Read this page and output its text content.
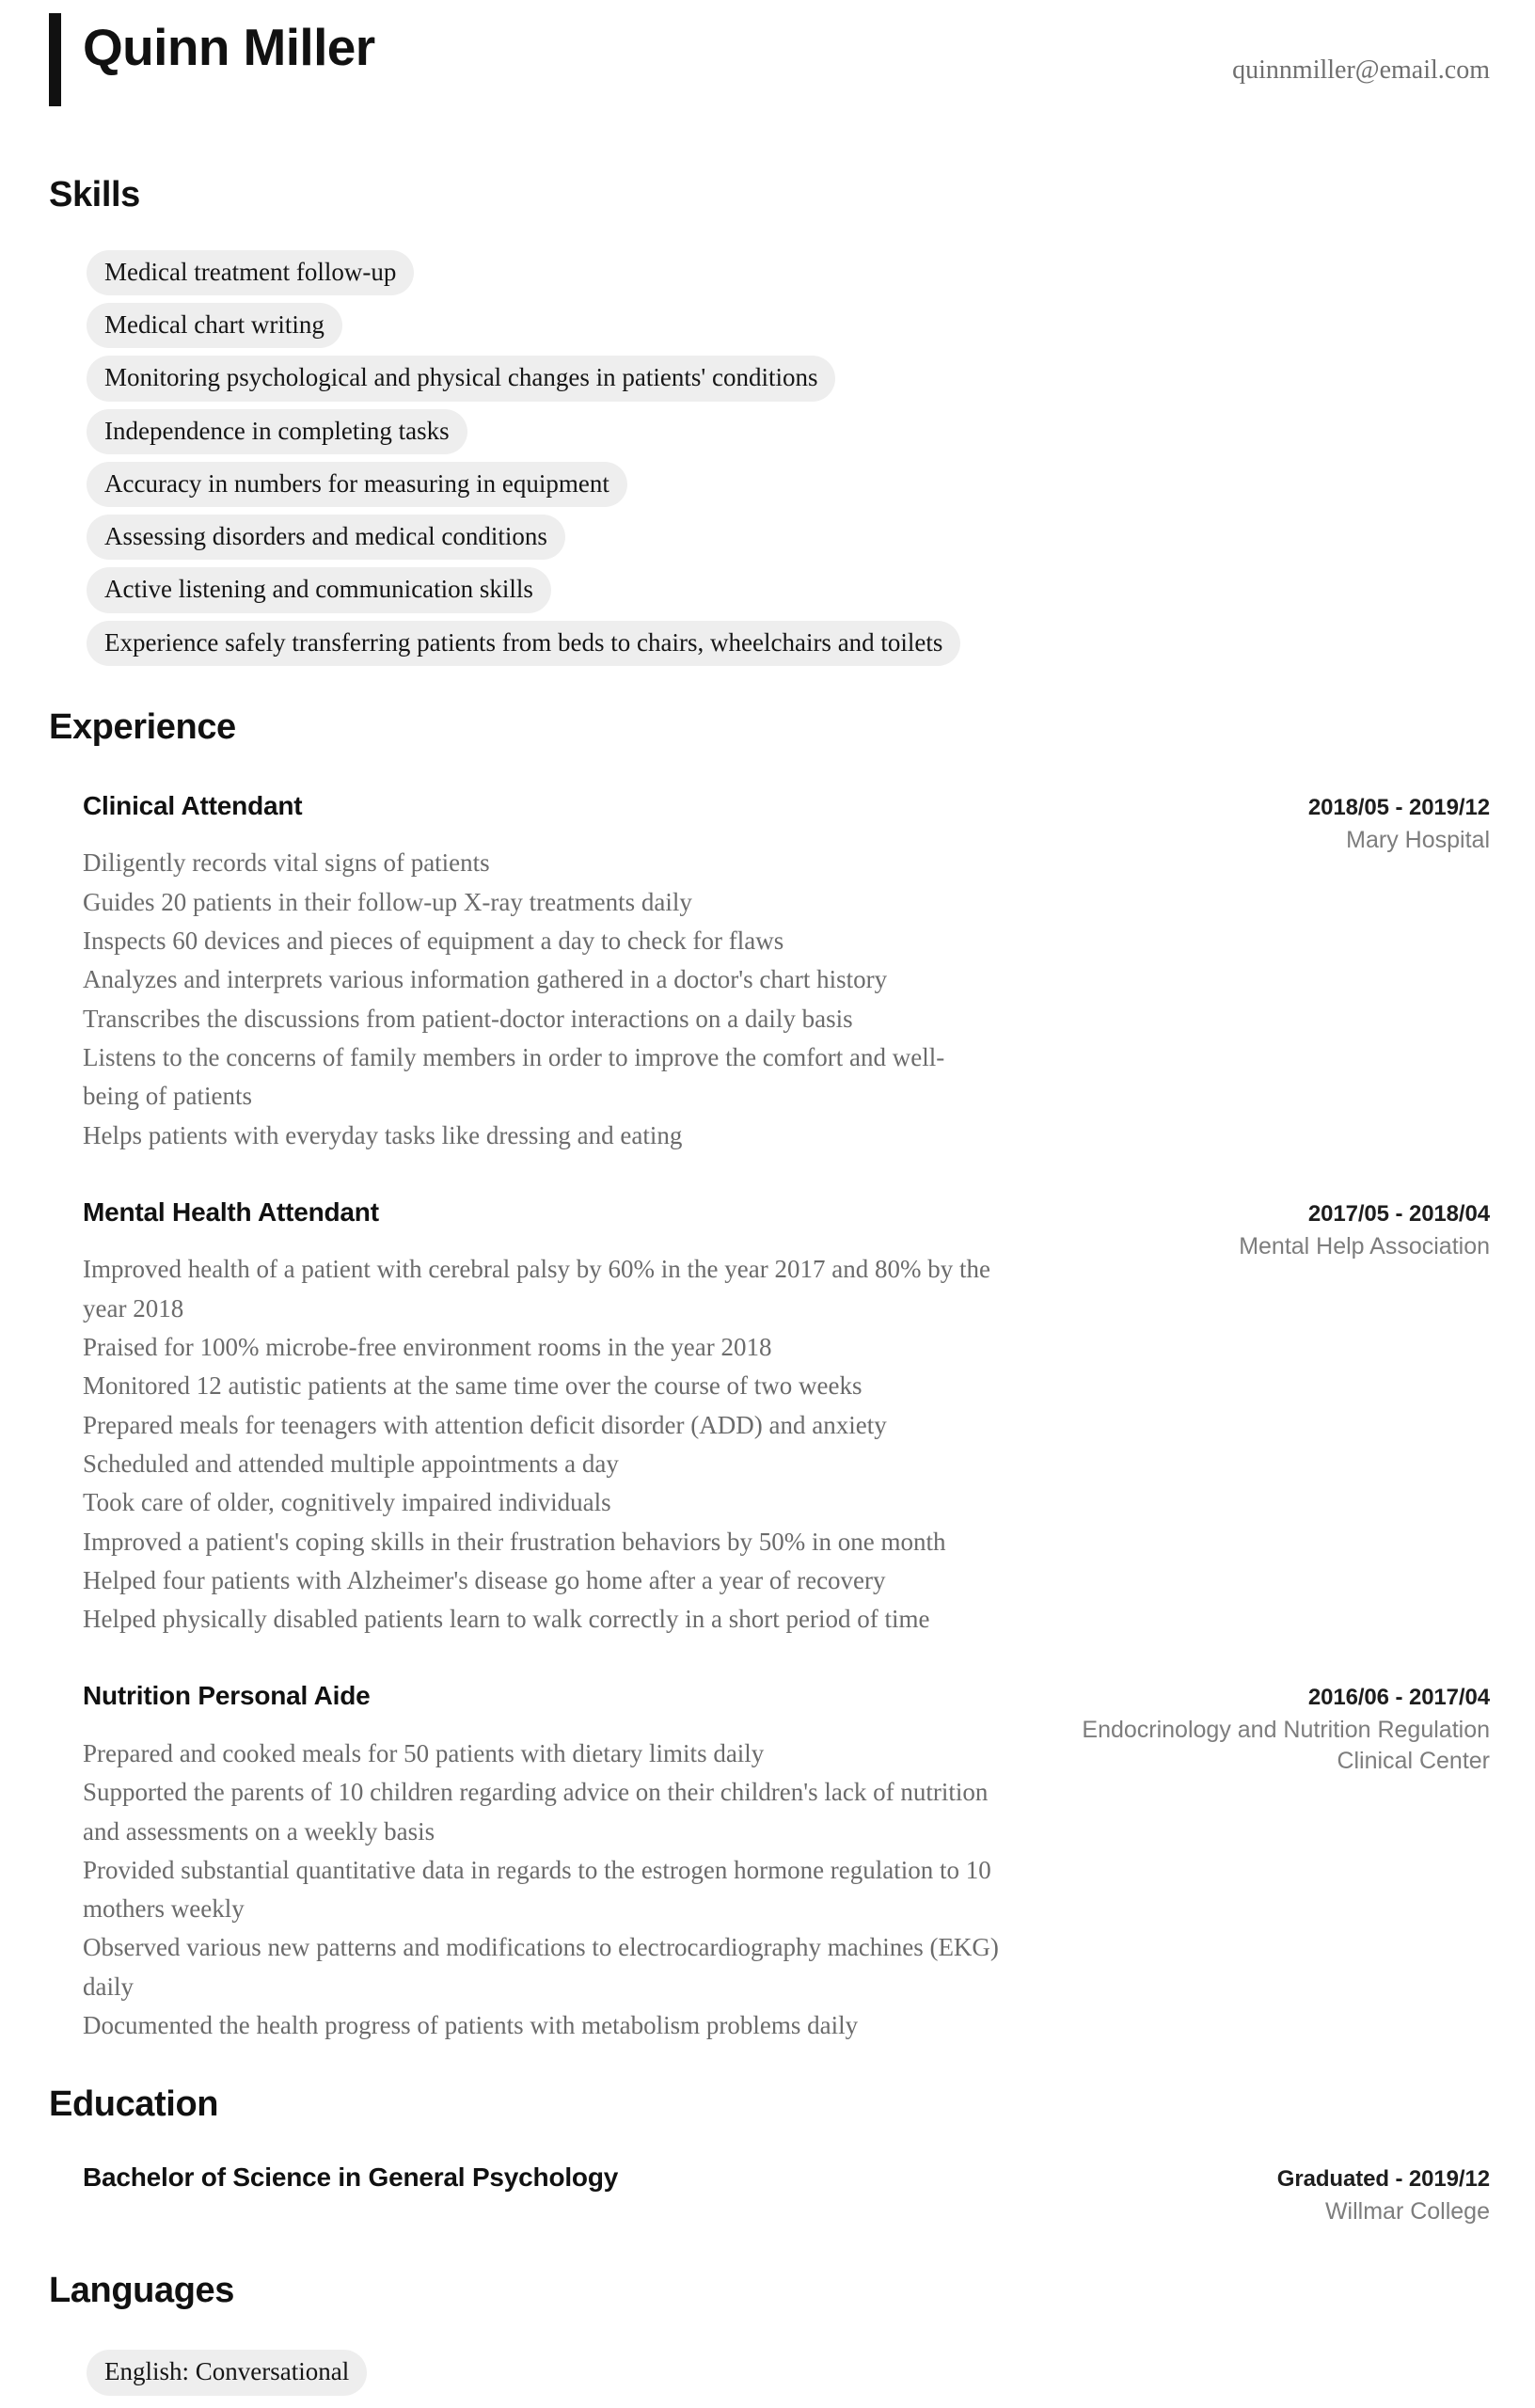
Quinn Miller	quinnmiller@email.com
Skills
Medical treatment follow-up
Medical chart writing
Monitoring psychological and physical changes in patients' conditions
Independence in completing tasks
Accuracy in numbers for measuring in equipment
Assessing disorders and medical conditions
Active listening and communication skills
Experience safely transferring patients from beds to chairs, wheelchairs and toilets
Experience
Clinical Attendant
Diligently records vital signs of patients
Guides 20 patients in their follow-up X-ray treatments daily
Inspects 60 devices and pieces of equipment a day to check for flaws
Analyzes and interprets various information gathered in a doctor's chart history
Transcribes the discussions from patient-doctor interactions on a daily basis
Listens to the concerns of family members in order to improve the comfort and well-being of patients
Helps patients with everyday tasks like dressing and eating
2018/05 - 2019/12
Mary Hospital
Mental Health Attendant
Improved health of a patient with cerebral palsy by 60% in the year 2017 and 80% by the year 2018
Praised for 100% microbe-free environment rooms in the year 2018
Monitored 12 autistic patients at the same time over the course of two weeks
Prepared meals for teenagers with attention deficit disorder (ADD) and anxiety
Scheduled and attended multiple appointments a day
Took care of older, cognitively impaired individuals
Improved a patient's coping skills in their frustration behaviors by 50% in one month
Helped four patients with Alzheimer's disease go home after a year of recovery
Helped physically disabled patients learn to walk correctly in a short period of time
2017/05 - 2018/04
Mental Help Association
Nutrition Personal Aide
Prepared and cooked meals for 50 patients with dietary limits daily
Supported the parents of 10 children regarding advice on their children's lack of nutrition and assessments on a weekly basis
Provided substantial quantitative data in regards to the estrogen hormone regulation to 10 mothers weekly
Observed various new patterns and modifications to electrocardiography machines (EKG) daily
Documented the health progress of patients with metabolism problems daily
2016/06 - 2017/04
Endocrinology and Nutrition Regulation Clinical Center
Education
Bachelor of Science in General Psychology	Graduated - 2019/12
Willmar College
Languages
English: Conversational
